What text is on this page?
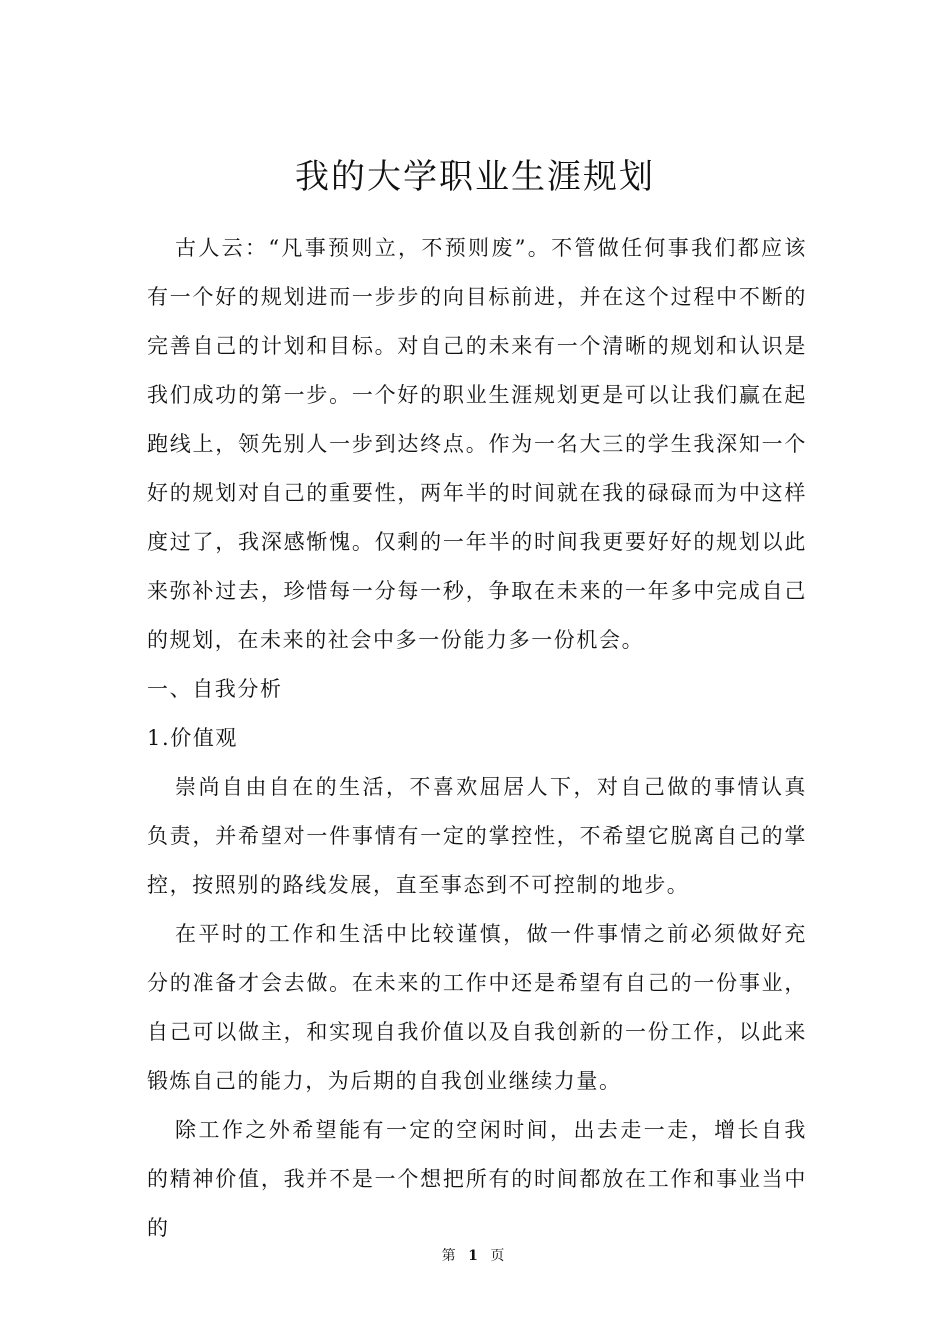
我的大学职业生涯规划

古人云：“凡事预则立，不预则废”。不管做任何事我们都应该有一个好的规划进而一步步的向目标前进，并在这个过程中不断的完善自己的计划和目标。对自己的未来有一个清晰的规划和认识是我们成功的第一步。一个好的职业生涯规划更是可以让我们赢在起跑线上，领先别人一步到达终点。作为一名大三的学生我深知一个好的规划对自己的重要性，两年半的时间就在我的碌碌而为中这样度过了，我深感惭愧。仅剩的一年半的时间我更要好好的规划以此来弥补过去，珍惜每一分每一秒，争取在未来的一年多中完成自己的规划，在未来的社会中多一份能力多一份机会。

一、自我分析

1.价值观

崇尚自由自在的生活，不喜欢屈居人下，对自己做的事情认真负责，并希望对一件事情有一定的掌控性，不希望它脱离自己的掌控，按照别的路线发展，直至事态到不可控制的地步。

在平时的工作和生活中比较谨慎，做一件事情之前必须做好充分的准备才会去做。在未来的工作中还是希望有自己的一份事业，自己可以做主，和实现自我价值以及自我创新的一份工作，以此来锻炼自己的能力，为后期的自我创业继续力量。

除工作之外希望能有一定的空闲时间，出去走一走，增长自我的精神价值，我并不是一个想把所有的时间都放在工作和事业当中的

第 1 页
